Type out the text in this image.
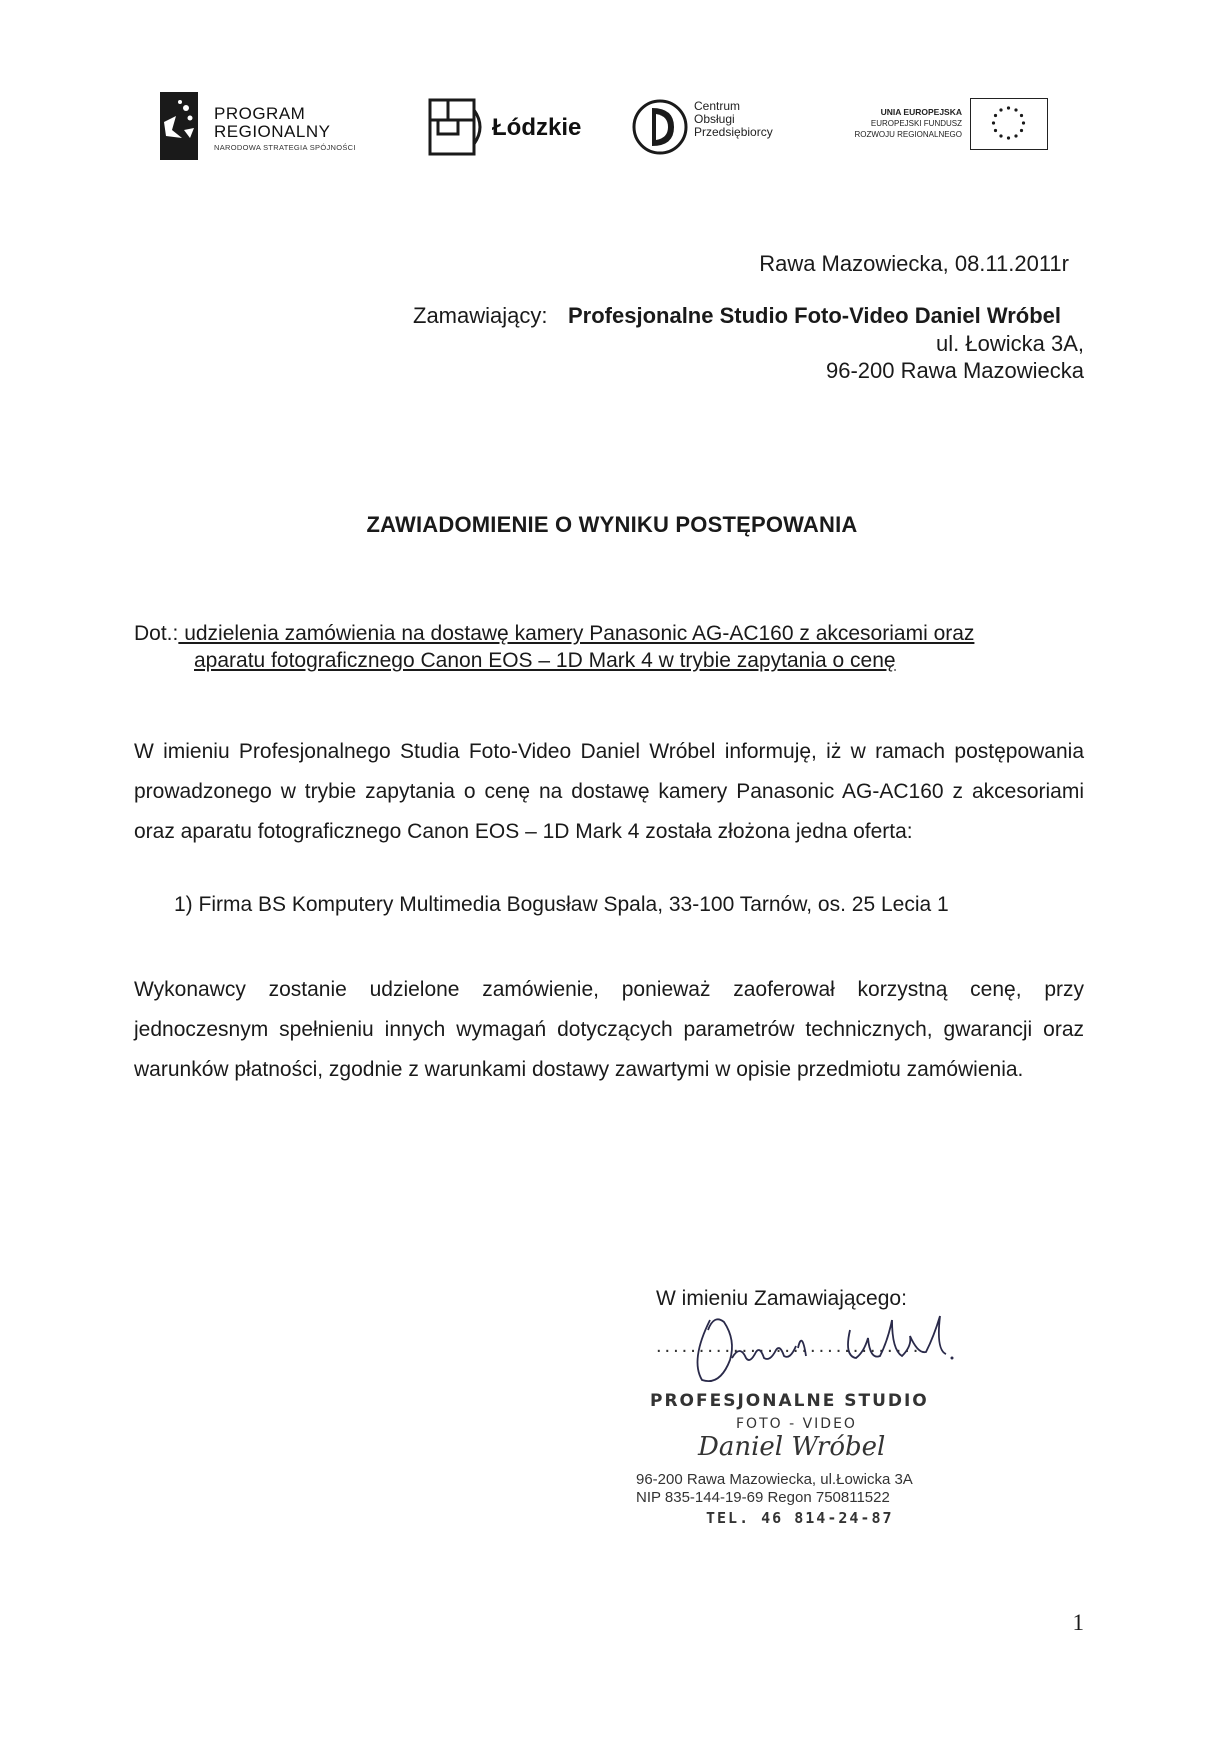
PROGRAM
REGIONALNY
NARODOWA STRATEGIA SPÓJNOŚCI
Łódzkie
Centrum
Obsługi
Przedsiębiorcy
UNIA EUROPEJSKA
EUROPEJSKI FUNDUSZ
ROZWOJU REGIONALNEGO
Rawa Mazowiecka, 08.11.2011r
Zamawiający: Profesjonalne Studio Foto-Video Daniel Wróbel
ul. Łowicka 3A,
96-200 Rawa Mazowiecka
ZAWIADOMIENIE O WYNIKU POSTĘPOWANIA
Dot.: udzielenia zamówienia na dostawę kamery Panasonic AG-AC160 z akcesoriami oraz
aparatu fotograficznego Canon EOS – 1D Mark 4 w trybie zapytania o cenę
W imieniu Profesjonalnego Studia Foto-Video Daniel Wróbel informuję, iż w ramach postępowania prowadzonego w trybie zapytania o cenę na dostawę kamery Panasonic AG-AC160 z akcesoriami oraz aparatu fotograficznego Canon EOS – 1D Mark 4 została złożona jedna oferta:
1) Firma BS Komputery Multimedia Bogusław Spala, 33-100 Tarnów, os. 25 Lecia 1
Wykonawcy zostanie udzielone zamówienie, ponieważ zaoferował korzystną cenę, przy jednoczesnym spełnieniu innych wymagań dotyczących parametrów technicznych, gwarancji oraz warunków płatności, zgodnie z warunkami dostawy zawartymi w opisie przedmiotu zamówienia.
W imieniu Zamawiającego:
...............................
PROFESJONALNE STUDIO
FOTO - VIDEO
Daniel Wróbel
96-200 Rawa Mazowiecka, ul.Łowicka 3A
NIP 835-144-19-69 Regon 750811522
TEL. 46 814-24-87
1
